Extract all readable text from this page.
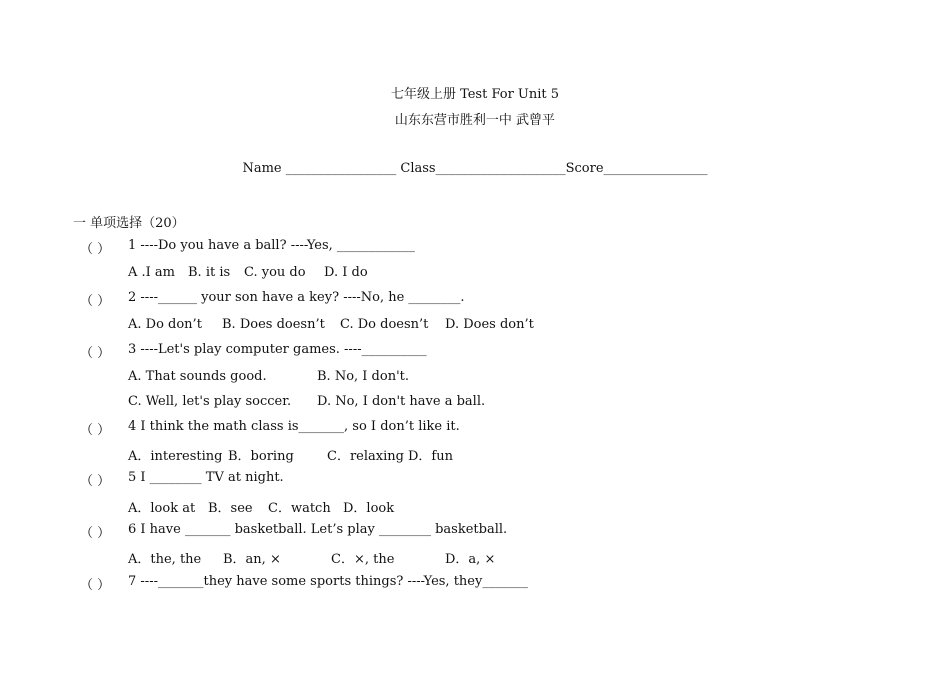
七年级上册 Test For Unit 5
山东东营市胜利一中 武曾平
Name _________________ Class____________________Score________________
一 单项选择（20）
（ ） 1 ----Do you have a ball? ----Yes, ____________
A .I am B. it is C. you do D. I do
（ ） 2 ----______ your son have a key? ----No, he ________.
A. Do don’t B. Does doesn’t C. Do doesn’t D. Does don’t
（ ） 3 ----Let's play computer games. ----__________
A. That sounds good.	B. No, I don't.
C. Well, let's play soccer. D. No, I don't have a ball.
（ ） 4 I think the math class is_______, so I don’t like it.
A．interesting B．boring	C．relaxing D．fun
（ ） 5 I ________ TV at night.
A．look at B．see C．watch D．look
（ ） 6 I have _______ basketball. Let’s play ________ basketball.
A．the, the B．an, ×	C．×, the	D．a, ×
（ ） 7 ----_______they have some sports things? ----Yes, they_______
